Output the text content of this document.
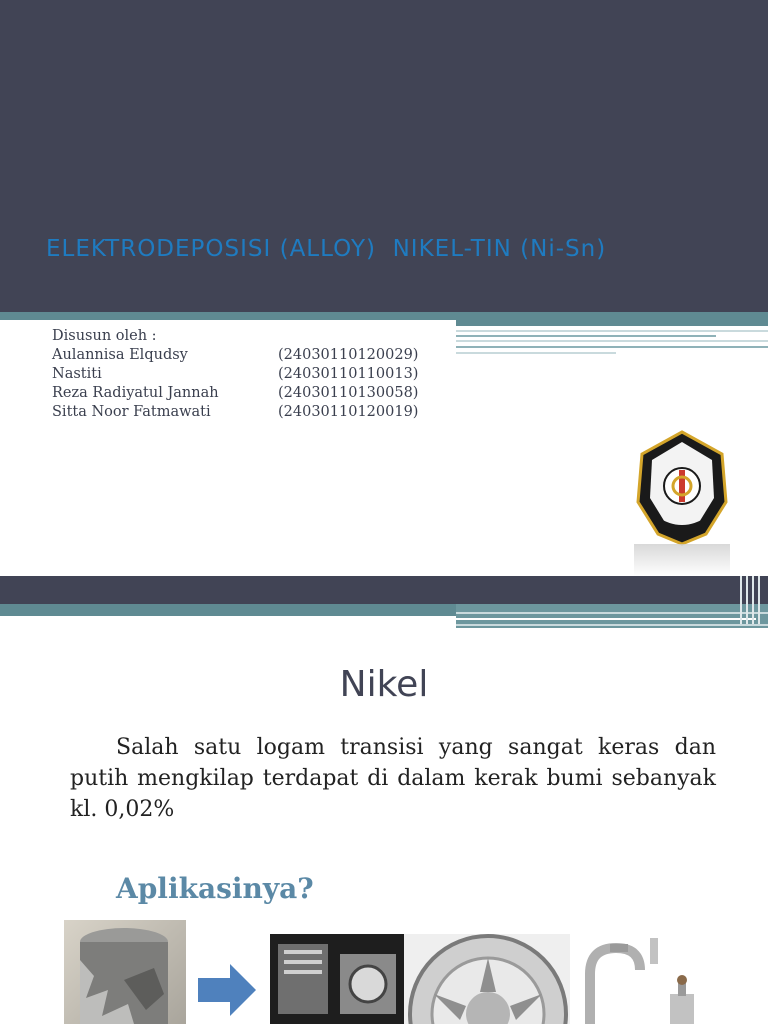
ELEKTRODEPOSISI (ALLOY)  NIKEL-TIN (Ni-Sn)
Disusun oleh :
Aulannisa Elqudsy	(24030110120029)
Nastiti	(24030110110013)
Reza Radiyatul Jannah	(24030110130058)
Sitta Noor Fatmawati	(24030110120019)
Nikel
Salah satu logam transisi yang sangat keras dan putih mengkilap terdapat di dalam kerak bumi sebanyak kl. 0,02%
Aplikasinya?
